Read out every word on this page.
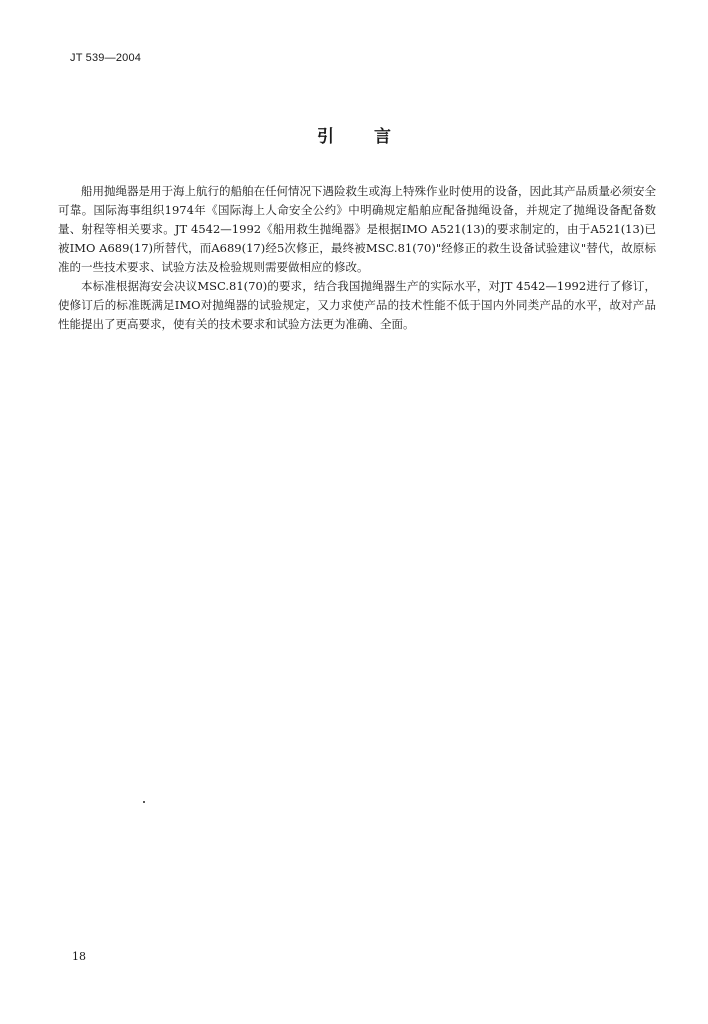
JT 539—2004
引言

船用抛绳器是用于海上航行的船舶在任何情况下遇险救生或海上特殊作业时使用的设备，因此其产品质量必须安全可靠。国际海事组织1974年《国际海上人命安全公约》中明确规定船舶应配备抛绳设备，并规定了抛绳设备配备数量、射程等相关要求。JT 4542—1992《船用救生抛绳器》是根据IMO A521(13)的要求制定的，由于A521(13)已被IMO A689(17)所替代，而A689(17)经5次修正，最终被MSC.81(70)"经修正的救生设备试验建议"替代，故原标准的一些技术要求、试验方法及检验规则需要做相应的修改。

本标准根据海安会决议MSC.81(70)的要求，结合我国抛绳器生产的实际水平，对JT 4542—1992进行了修订，使修订后的标准既满足IMO对抛绳器的试验规定，又力求使产品的技术性能不低于国内外同类产品的水平，故对产品性能提出了更高要求，使有关的技术要求和试验方法更为准确、全面。

18
